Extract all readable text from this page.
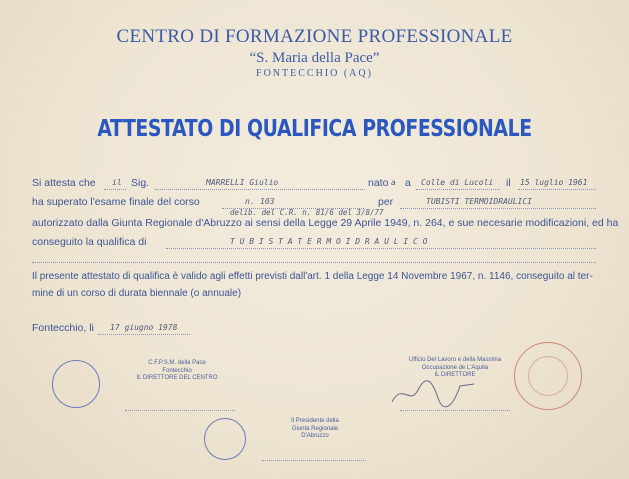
CENTRO DI FORMAZIONE PROFESSIONALE
“S. Maria della Pace”
FONTECCHIO (AQ)
ATTESTATO DI QUALIFICA PROFESSIONALE
Si attesta che il Sig.	MARRELLI Giulio	nato a a Colle di Lucoli il 15 luglio 1961
ha superato l'esame finale del corso	n. 103	per	TUBISTI TERMOIDRAULICI
delib. del C.R. n. 81/6 del 3/8/77
autorizzato dalla Giunta Regionale d'Abruzzo ai sensi della Legge 29 Aprile 1949, n. 264, e sue necesarie modificazioni, ed ha
conseguito la qualifica di	T U B I S T A T E R M O I D R A U L I C O
Il presente attestato di qualifica è valido agli effetti previsti dall'art. 1 della Legge 14 Novembre 1967, n. 1146, conseguito al ter-
mine di un corso di durata biennale (o annuale)
Fontecchio, li 17 giugno 1978
C.F.P.S.M. della Pace
Fontecchio
IL DIRETTORE DEL CENTRO
Ufficio Del Lavoro e della Massima
Occupazione de L'Aquila
IL DIRETTORE
Il Presidente della
Giunta Regionale
D'Abruzzo
